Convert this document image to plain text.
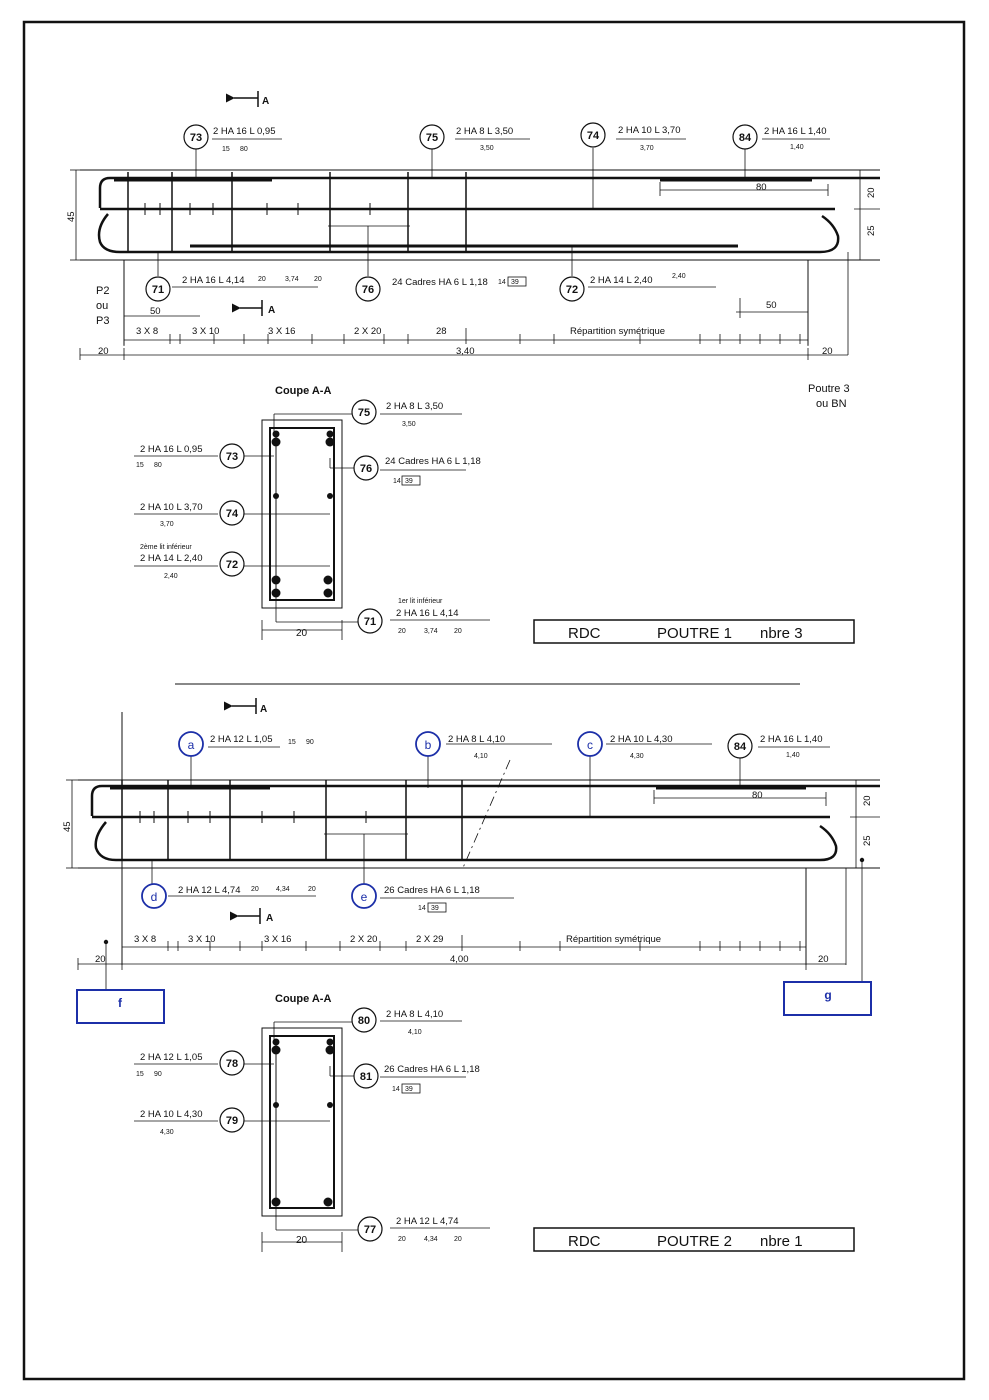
A
A
73
2 HA 16 L 0,95
15 80
75
2 HA 8 L 3,50
3,50
74 2 HA 10 L 3,70
3,70
84
2 HA 16 L 1,40
1,40
80
45
20
25
71
2 HA 16 L 4,14 20	3,74 20
76
24 Cadres HA 6 L 1,18 14 39
72
2 HA 14 L 2,40	2,40
P2
ou
P3
50
50
3 X 8	3 X 10	3 X 16	2 X 20	28	Répartition symétrique
20	3,40	20
Poutre 3
ou BN
Coupe A-A
75
2 HA 8 L 3,50
3,50
73
2 HA 16 L 0,95
15 80	76
24 Cadres HA 6 L 1,18
14 39
74
2 HA 10 L 3,70
3,70
72
2ème lit inférieur
2 HA 14 L 2,40
2,40
71
1er lit inférieur
2 HA 16 L 4,14
20	3,74 20
20	RDC	POUTRE 1 nbre 3
A
A
a 2 HA 12 L 1,05 15 90	b 2 HA 8 L 4,10
4,10
c 2 HA 10 L 4,30
4,30
84
2 HA 16 L 1,40
1,40
80
45
20
25
d 2 HA 12 L 4,74 20 4,34	20
e 26 Cadres HA 6 L 1,18
14 39
3 X 8	3 X 10	3 X 16	2 X 20	2 X 29	Répartition symétrique
20	4,00	20
f
g
Coupe A-A
80
2 HA 8 L 4,10
4,10
78
2 HA 12 L 1,05
15 90	81
26 Cadres HA 6 L 1,18
14 39
79
2 HA 10 L 4,30
4,30
77
2 HA 12 L 4,74
20	4,34 20
20	RDC	POUTRE 2 nbre 1
